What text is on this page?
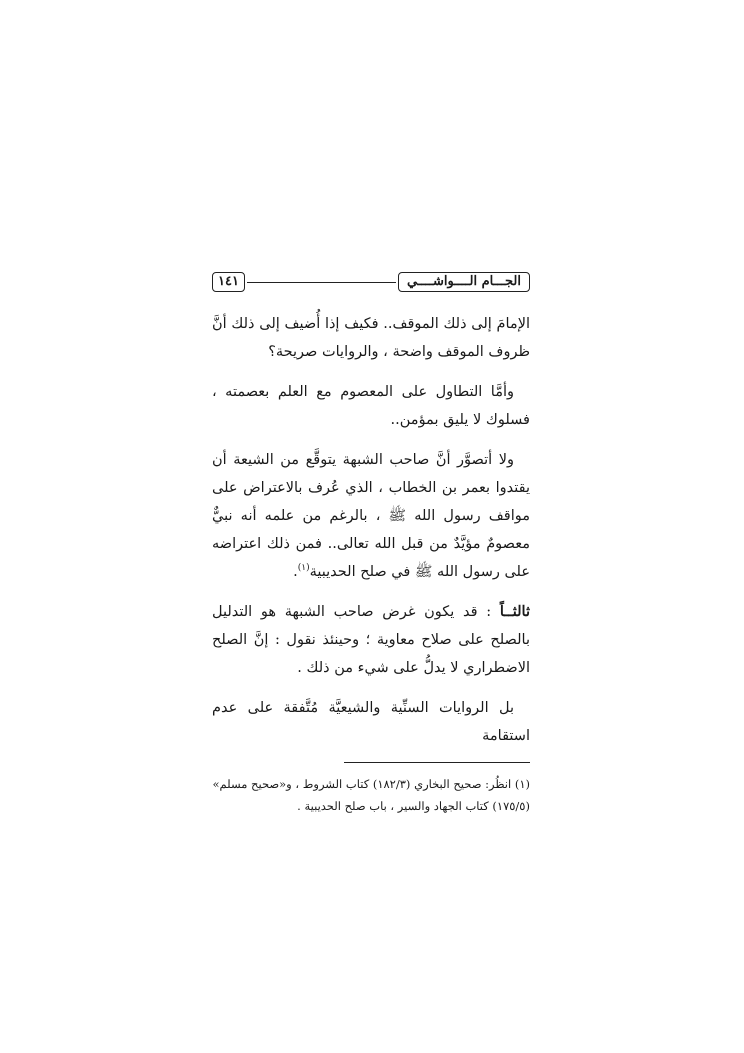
الجـــام الــــواشــــي
١٤١

الإمامَ إلى ذلك الموقف.. فكيف إذا أُضيف إلى ذلك أنَّ ظروف الموقف واضحة ، والروايات صريحة؟

وأمَّا التطاول على المعصوم مع العلم بعصمته ، فسلوك لا يليق بمؤمن..

ولا أتصوَّر أنَّ صاحب الشبهة يتوقَّع من الشيعة أن يقتدوا بعمر بن الخطاب ، الذي عُرف بالاعتراض على مواقف رسول الله ﷺ ، بالرغم من علمه أنه نبيٌّ معصومٌ مؤيَّدٌ من قبل الله تعالى.. فمن ذلك اعتراضه على رسول الله ﷺ في صلح الحديبية$^{(١)}$.

ثالثــاً : قد يكون غرض صاحب الشبهة هو التدليل بالصلح على صلاح معاوية ؛ وحينئذ نقول : إنَّ الصلح الاضطراري لا يدلُّ على شيء من ذلك .

بل الروايات السنِّية والشيعيَّة مُتَّفقة على عدم استقامة

(١) انظُر: صحيح البخاري (١٨٢/٣) كتاب الشروط ، و«صحيح مسلم» (١٧٥/٥) كتاب الجهاد والسير ، باب صلح الحديبية .
